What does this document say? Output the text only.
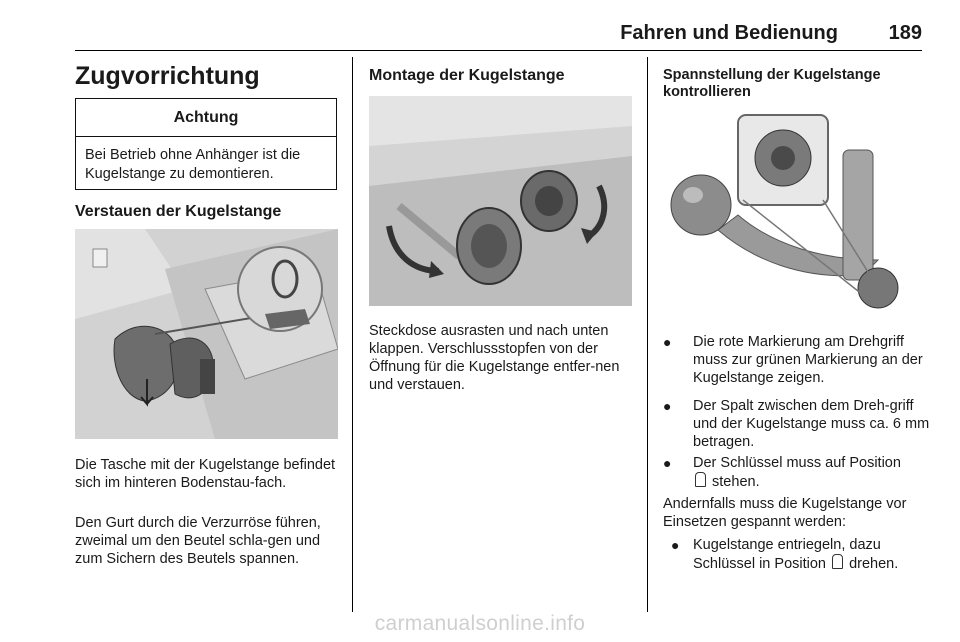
Fahren und Bedienung	189
Zugvorrichtung
Achtung
Bei Betrieb ohne Anhänger ist die Kugelstange zu demontieren.
Verstauen der Kugelstange
Die Tasche mit der Kugelstange befindet sich im hinteren Bodenstau-fach.
Den Gurt durch die Verzurröse führen, zweimal um den Beutel schla-gen und zum Sichern des Beutels spannen.
Montage der Kugelstange
Steckdose ausrasten und nach unten klappen. Verschlussstopfen von der Öffnung für die Kugelstange entfer-nen und verstauen.
Spannstellung der Kugelstange kontrollieren
●	Die rote Markierung am Drehgriff muss zur grünen Markierung an der Kugelstange zeigen.
●	Der Spalt zwischen dem Dreh-griff und der Kugelstange muss ca. 6 mm betragen.
●	Der Schlüssel muss auf Position
stehen.
Andernfalls muss die Kugelstange vor Einsetzen gespannt werden:
● Kugelstange entriegeln, dazu Schlüssel in Position drehen.
carmanualsonline.info
